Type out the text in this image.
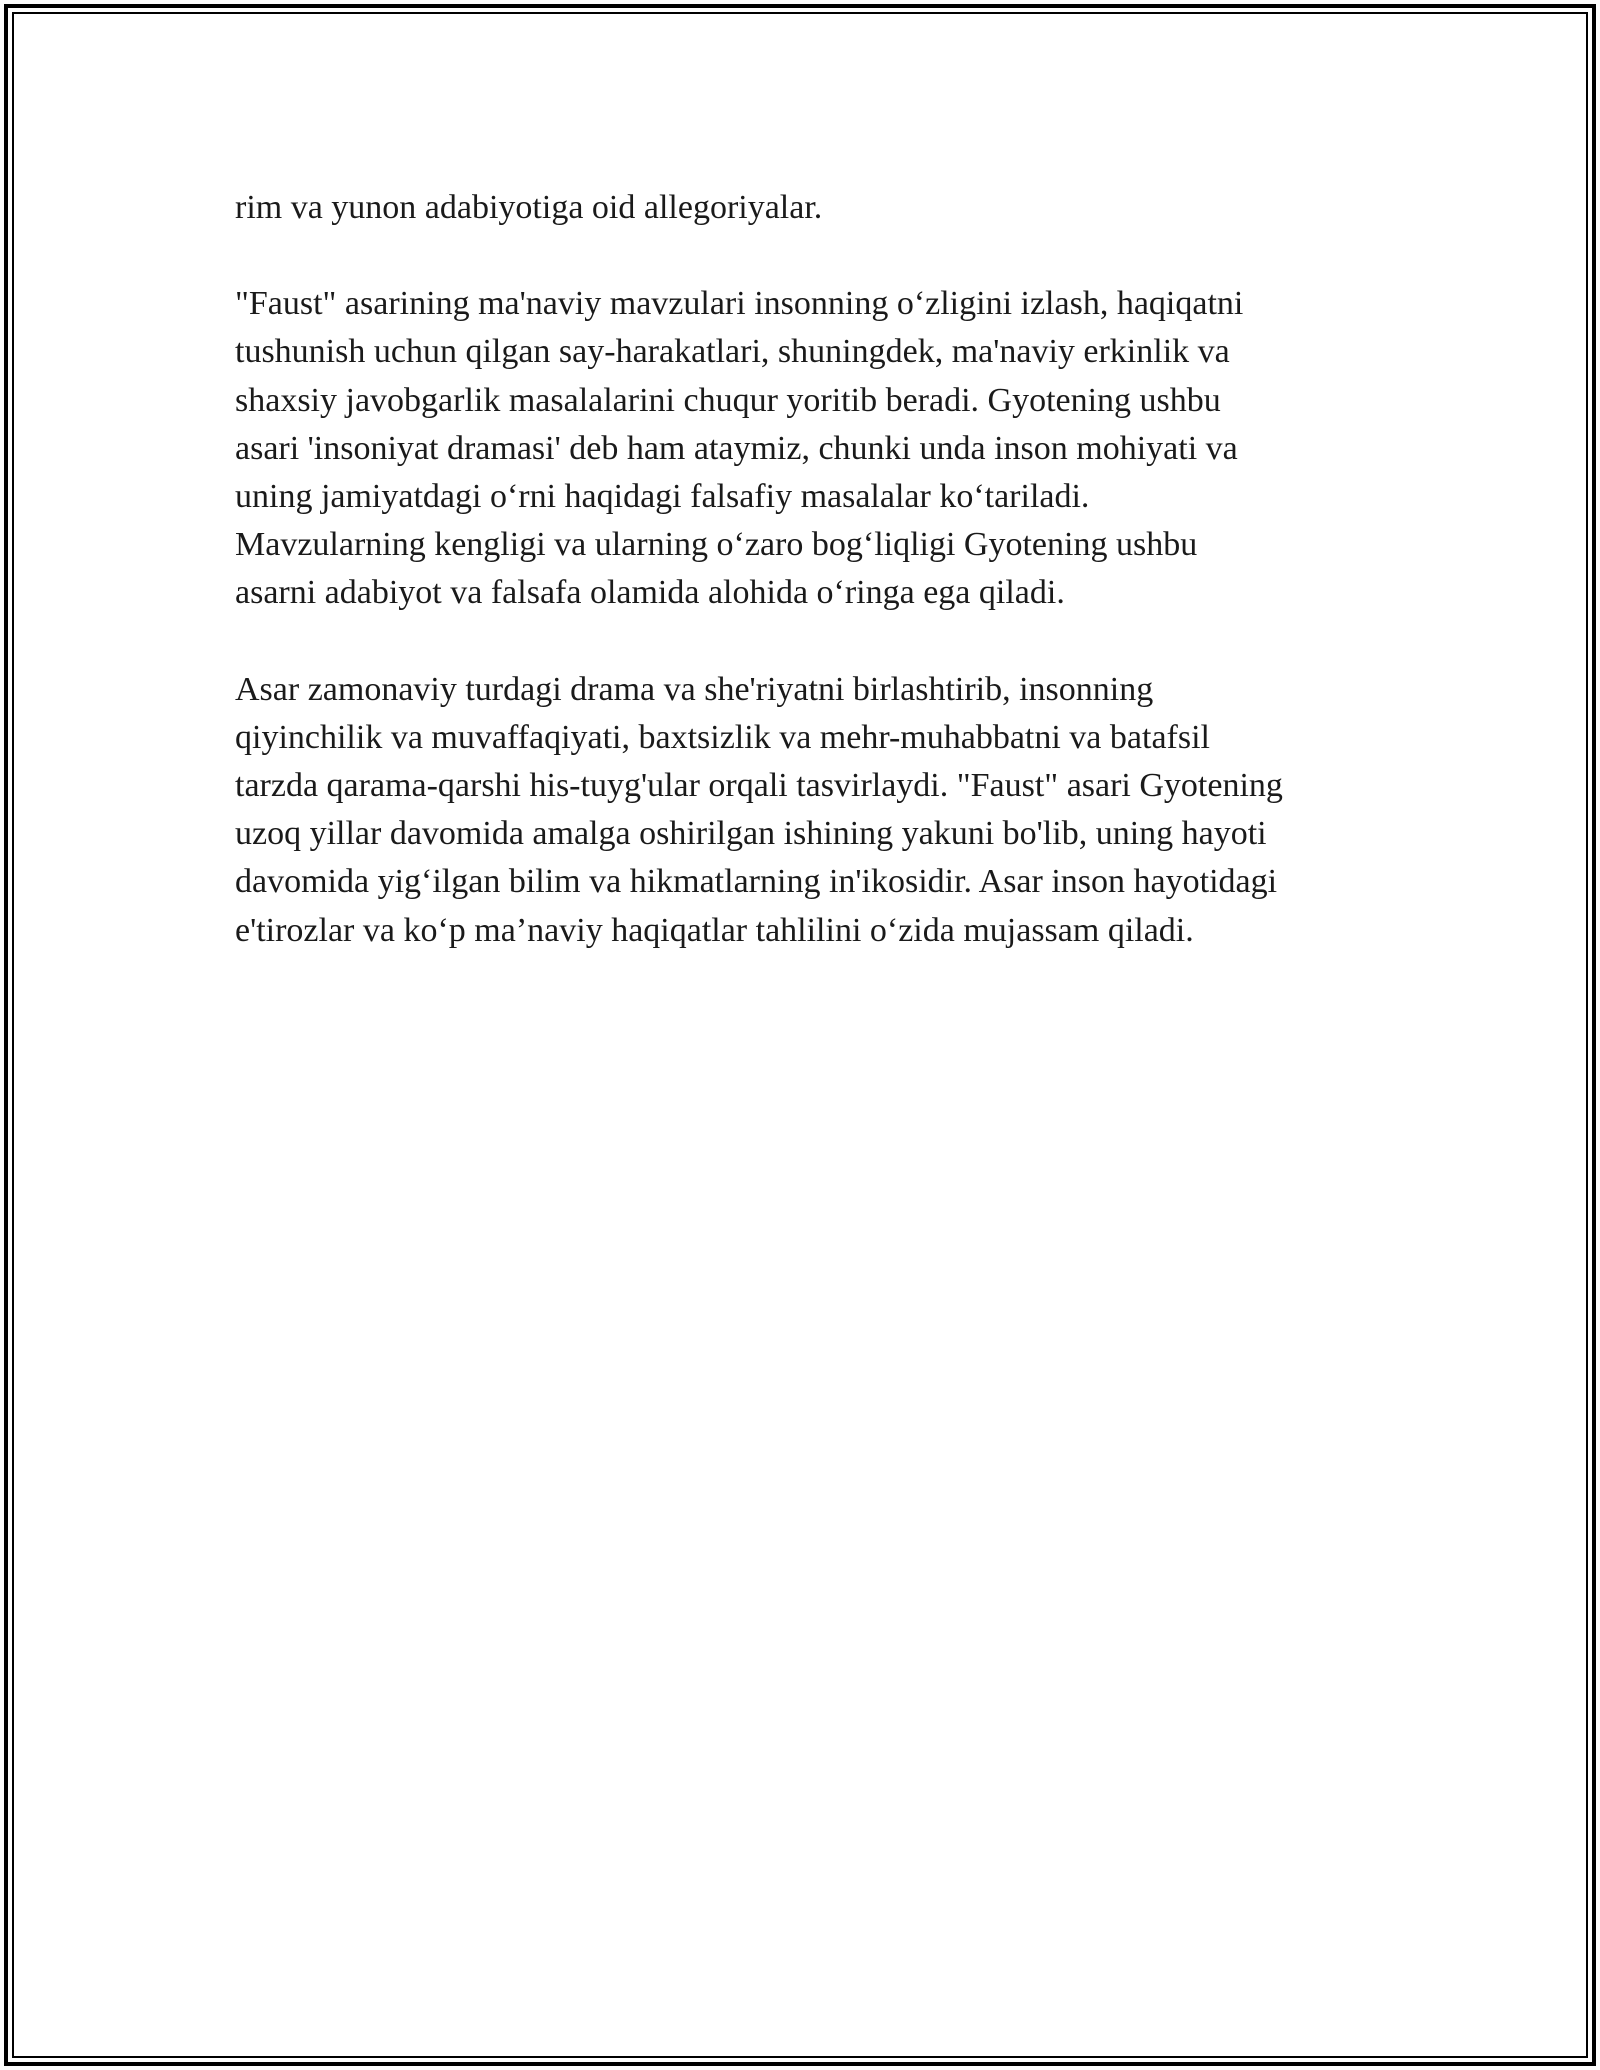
rim va yunon adabiyotiga oid allegoriyalar.

"Faust" asarining ma'naviy mavzulari insonning o‘zligini izlash, haqiqatni
tushunish uchun qilgan say-harakatlari, shuningdek, ma'naviy erkinlik va
shaxsiy javobgarlik masalalarini chuqur yoritib beradi. Gyotening ushbu
asari 'insoniyat dramasi' deb ham ataymiz, chunki unda inson mohiyati va
uning jamiyatdagi o‘rni haqidagi falsafiy masalalar ko‘tariladi.
Mavzularning kengligi va ularning o‘zaro bog‘liqligi Gyotening ushbu
asarni adabiyot va falsafa olamida alohida o‘ringa ega qiladi.

Asar zamonaviy turdagi drama va she'riyatni birlashtirib, insonning
qiyinchilik va muvaffaqiyati, baxtsizlik va mehr-muhabbatni va batafsil
tarzda qarama-qarshi his-tuyg'ular orqali tasvirlaydi. "Faust" asari Gyotening
uzoq yillar davomida amalga oshirilgan ishining yakuni bo'lib, uning hayoti
davomida yig‘ilgan bilim va hikmatlarning in'ikosidir. Asar inson hayotidagi
e'tirozlar va ko‘p ma’naviy haqiqatlar tahlilini o‘zida mujassam qiladi.
